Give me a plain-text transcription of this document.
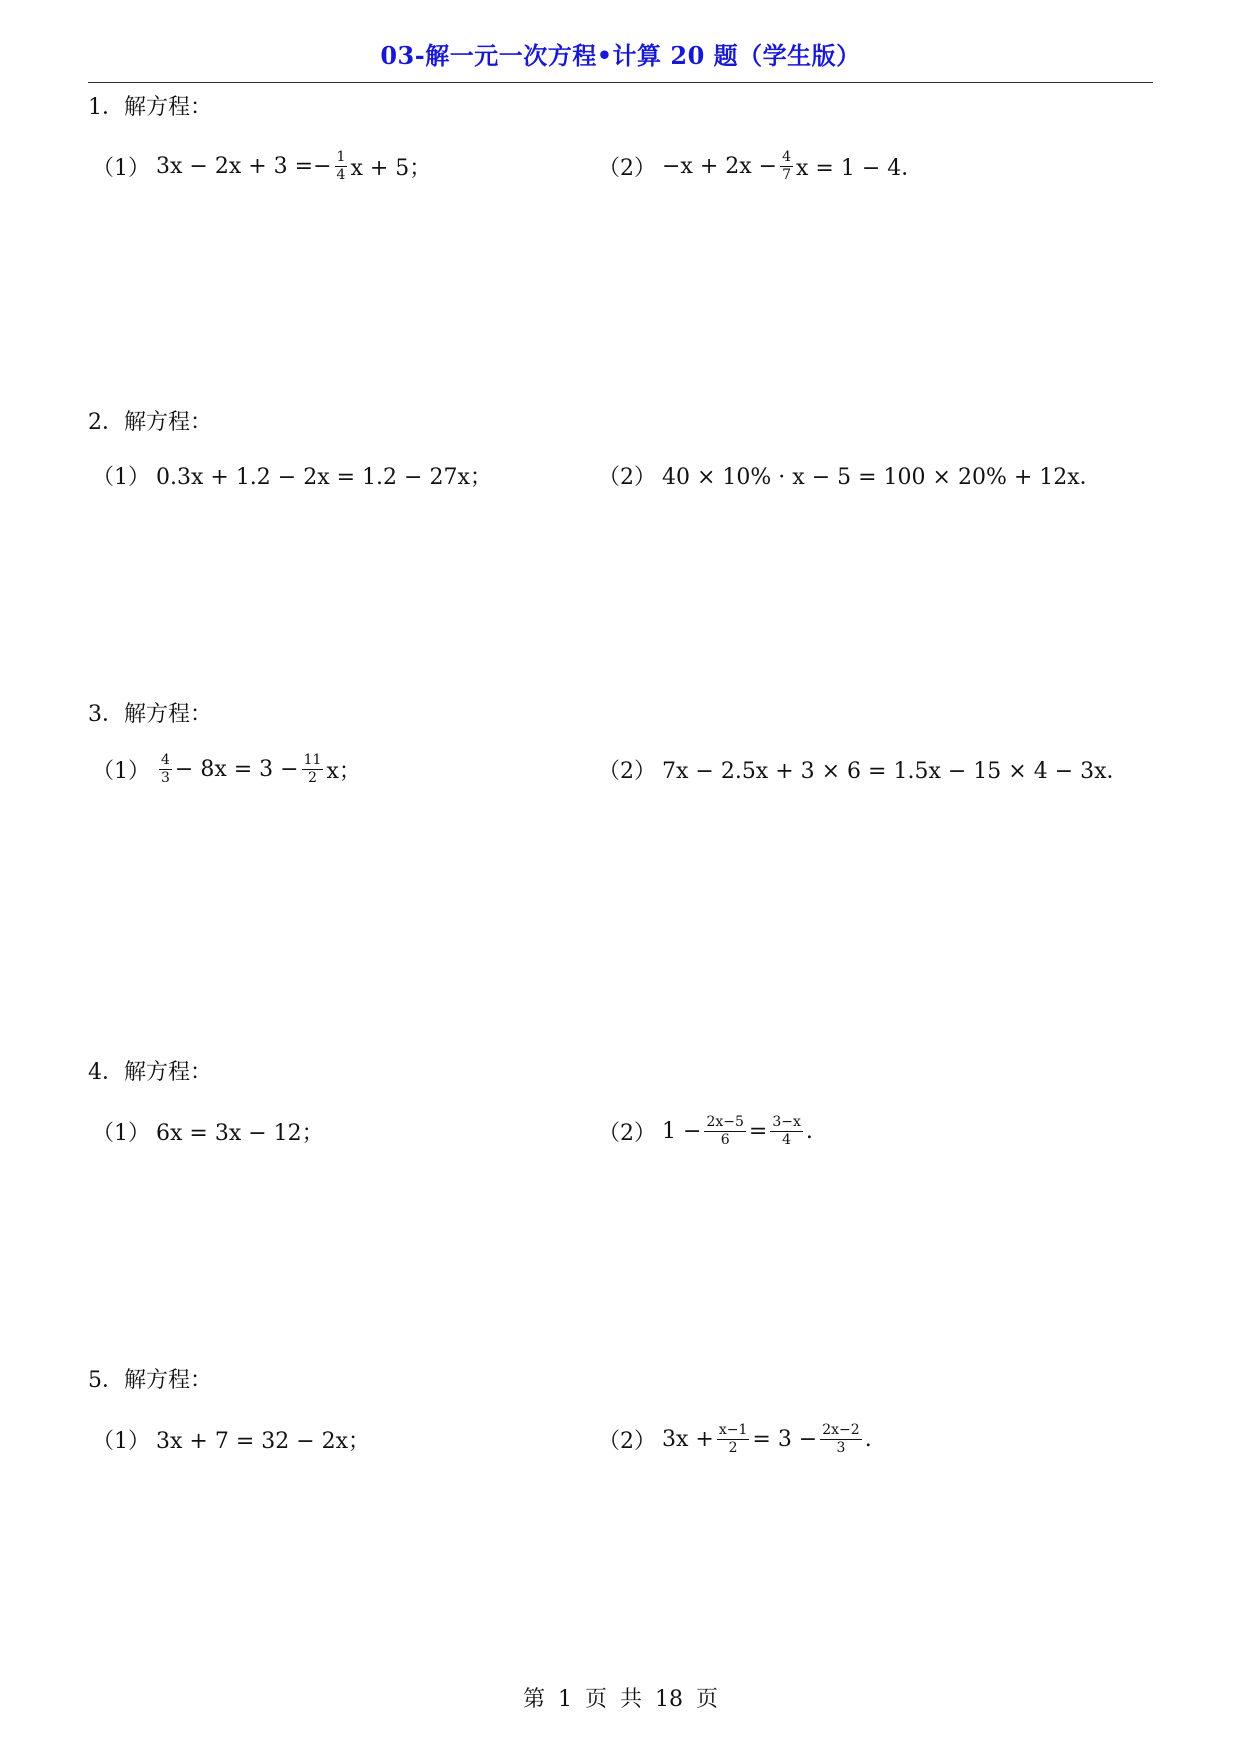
03-解一元一次方程•计算 20 题（学生版）
1．解方程：
（1） $3x - 2x + 3 =- \frac{1}{4}$ x + 5；	$(2) -x + 2x - \frac{4}{7}$ x = 1 − 4．
2．解方程：
（1） 0.3x + 1.2 − 2x = 1.2 − 27x；	（2） 40 × 10% · x − 5 = 100 × 20% + 12x．
3．解方程：
$(1) \frac{4}{3} - 8x = 3 - \frac{11}{2}$ x；	（2） 7x − 2.5x + 3 × 6 = 1.5x − 15 × 4 − 3x．
4．解方程：
（1） 6x = 3x − 12；	（2） $1 - \frac{2x-5}{6} = \frac{3-x}{4}$ .
5．解方程：
（1） 3x + 7 = 32 − 2x；	（2） $3x + \frac{x-1}{2} = 3 - \frac{2x-2}{3}$ .
第 1 页 共 18 页
